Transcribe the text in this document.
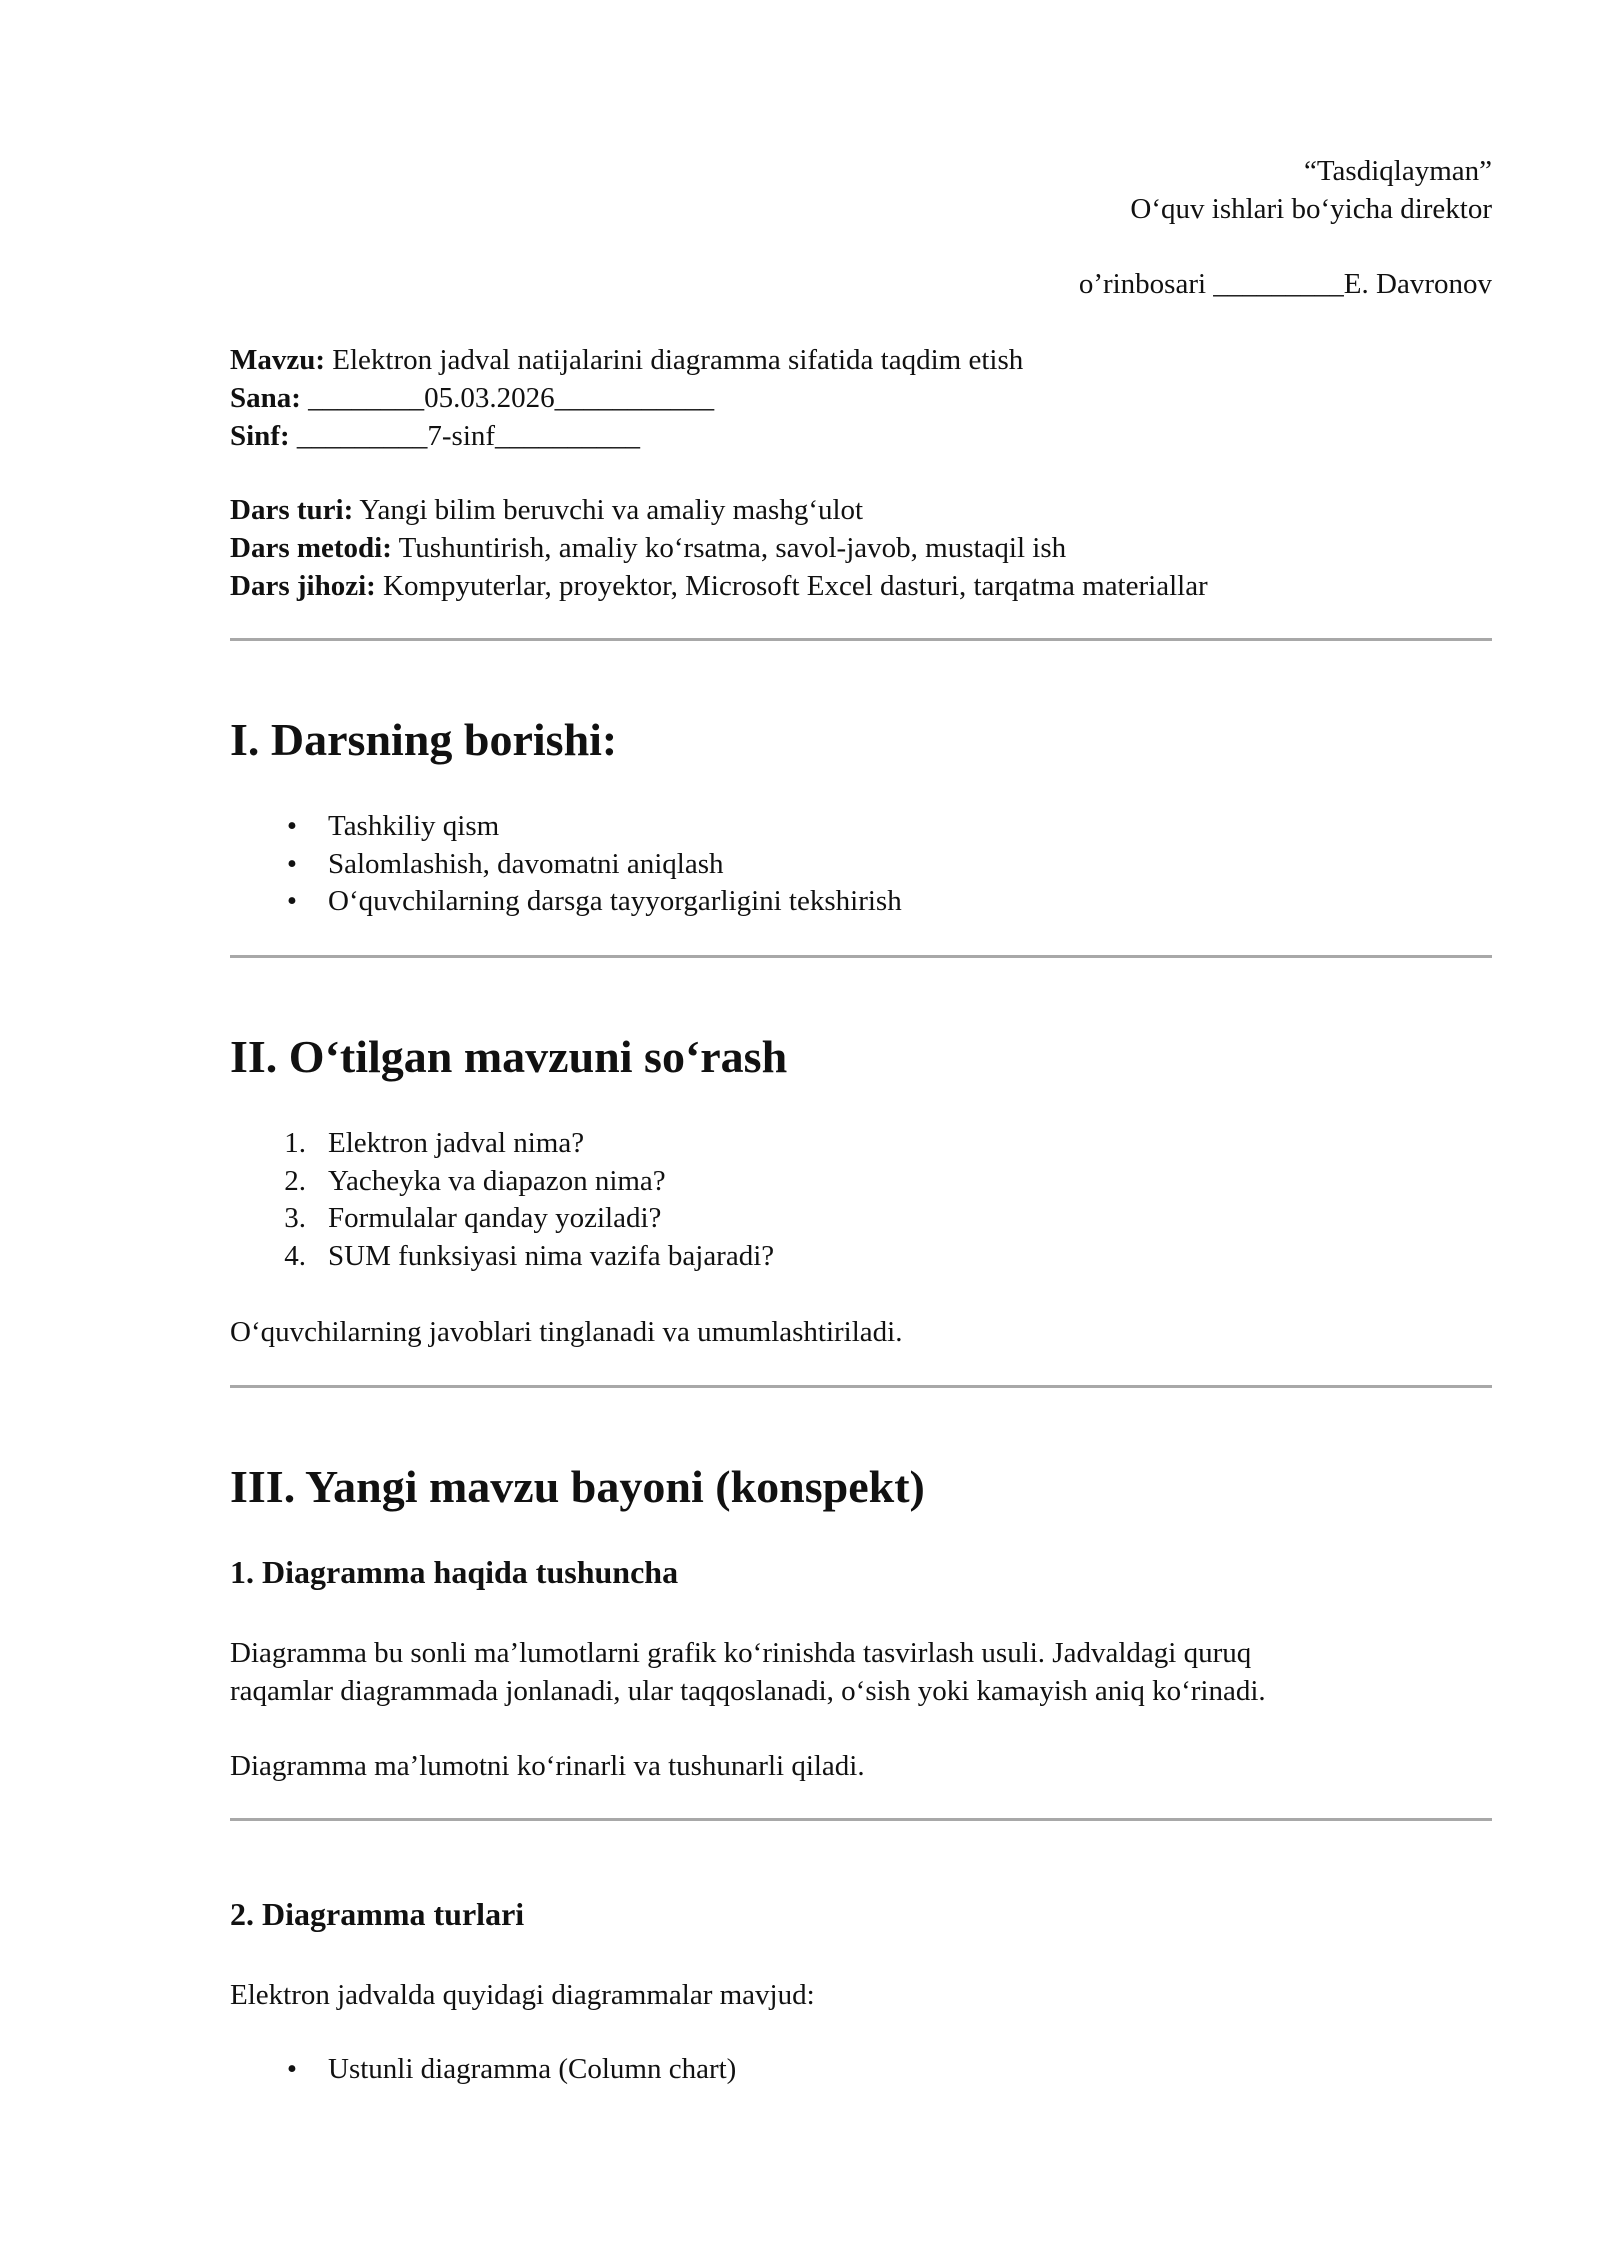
“Tasdiqlayman”
O‘quv ishlari bo‘yicha direktor
o’rinbosari _________E. Davronov
Mavzu: Elektron jadval natijalarini diagramma sifatida taqdim etish
Sana: ________05.03.2026___________
Sinf: _________7-sinf__________
Dars turi: Yangi bilim beruvchi va amaliy mashg‘ulot
Dars metodi: Tushuntirish, amaliy ko‘rsatma, savol-javob, mustaqil ish
Dars jihozi: Kompyuterlar, proyektor, Microsoft Excel dasturi, tarqatma materiallar
I. Darsning borishi:
•	Tashkiliy qism
•	Salomlashish, davomatni aniqlash
•	O‘quvchilarning darsga tayyorgarligini tekshirish
II. O‘tilgan mavzuni so‘rash
1. Elektron jadval nima?
2. Yacheyka va diapazon nima?
3. Formulalar qanday yoziladi?
4. SUM funksiyasi nima vazifa bajaradi?

O‘quvchilarning javoblari tinglanadi va umumlashtiriladi.

III. Yangi mavzu bayoni (konspekt)
1. Diagramma haqida tushuncha
Diagramma bu sonli ma’lumotlarni grafik ko‘rinishda tasvirlash usuli. Jadvaldagi quruq
raqamlar diagrammada jonlanadi, ular taqqoslanadi, o‘sish yoki kamayish aniq ko‘rinadi.

Diagramma ma’lumotni ko‘rinarli va tushunarli qiladi.

2. Diagramma turlari

Elektron jadvalda quyidagi diagrammalar mavjud:

•	Ustunli diagramma (Column chart)
